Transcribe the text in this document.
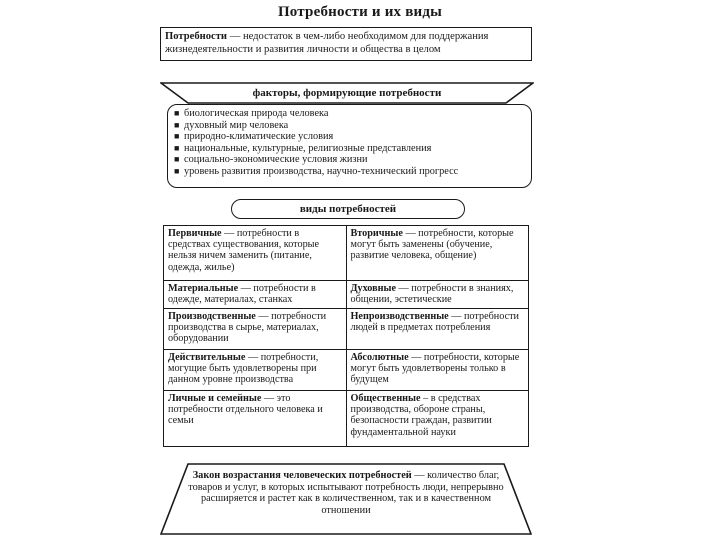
Потребности и их виды
Потребности — недостаток в чем-либо необходимом для поддержания жизнедеятельности и развития личности и общества в целом
факторы, формирующие потребности
■ биологическая природа человека
■ духовный мир человека
■ природно-климатические условия
■ национальные, культурные, религиозные представления
■ социально-экономические условия жизни
■ уровень развития производства, научно-технический прогресс
виды потребностей
Первичные — потребности в средствах существования, которые нельзя ничем заменить (питание, одежда, жилье)	Вторичные — потребности, которые могут быть заменены (обучение, развитие человека, общение)
Материальные — потребности в одежде, материалах, станках	Духовные — потребности в знаниях, общении, эстетические
Производственные — потребности производства в сырье, материалах, оборудовании	Непроизводственные — потребности людей в предметах потребления
Действительные — потребности, могущие быть удовлетворены при данном уровне производства	Абсолютные — потребности, которые могут быть удовлетворены только в будущем
Личные и семейные — это потребности отдельного человека и семьи	Общественные – в средствах производства, обороне страны, безопасности граждан, развитии фундаментальной науки
Закон возрастания человеческих потребностей — количество благ, товаров и услуг, в которых испытывают потребность люди, непрерывно расширяется и растет как в количественном, так и в качественном отношении
